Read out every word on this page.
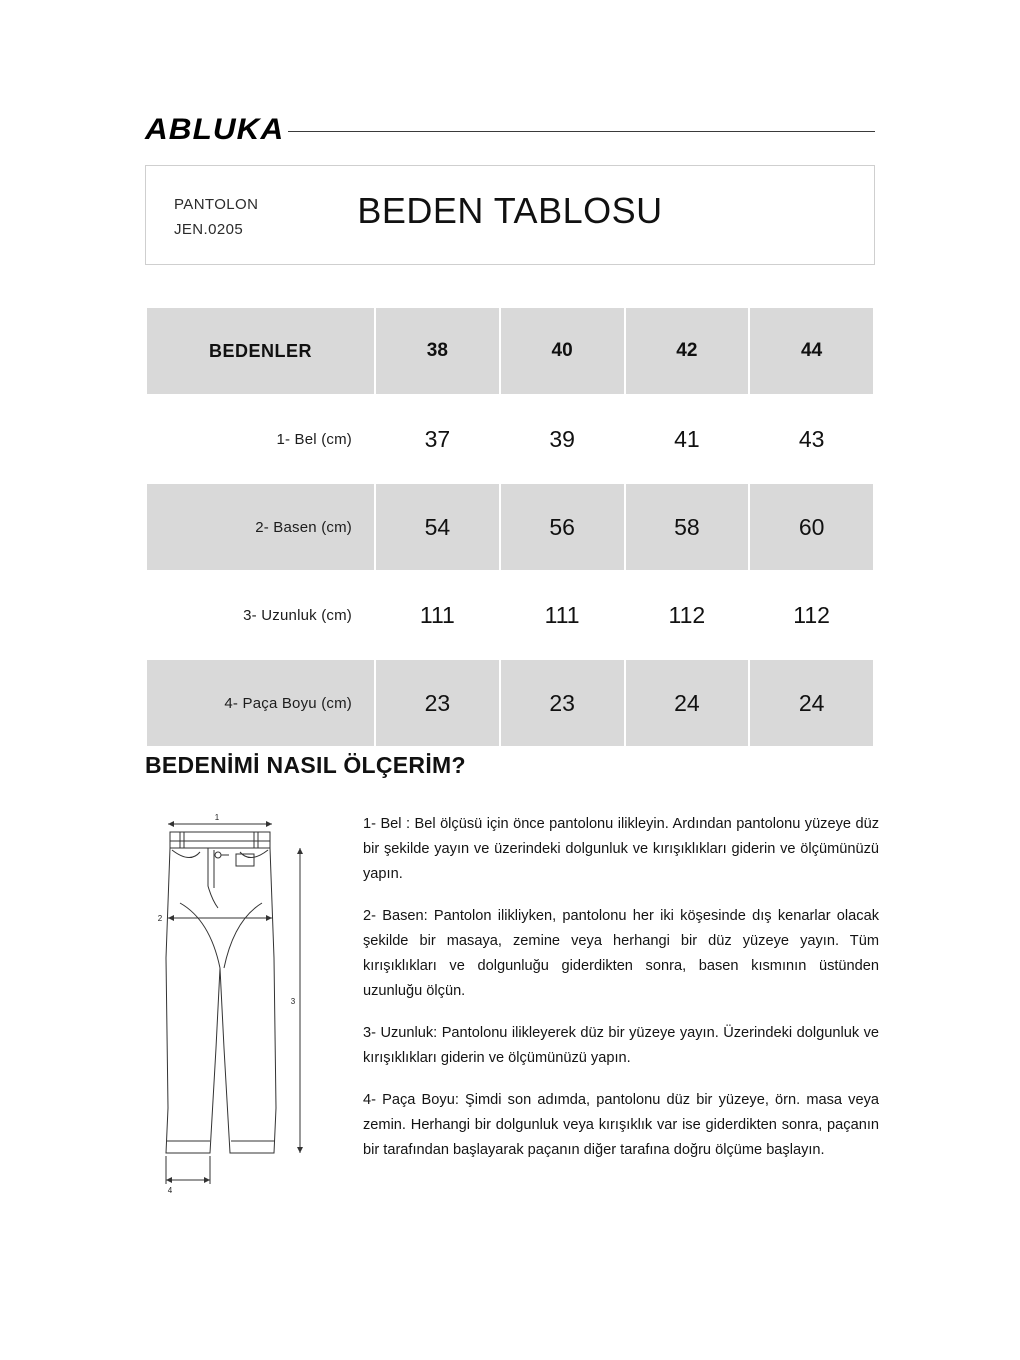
ABLUKA
PANTOLON
JEN.0205	BEDEN TABLOSU
BEDENLER	38	40	42	44
1- Bel (cm)	37	39	41	43
2- Basen (cm)	54	56	58	60
3- Uzunluk (cm)	111	111	112	112
4- Paça Boyu (cm)	23	23	24	24
BEDENİMİ NASIL ÖLÇERİM?
1
2
3
4

1- Bel : Bel ölçüsü için önce pantolonu ilikleyin. Ardından pantolonu yüzeye düz bir şekilde yayın ve üzerindeki dolgunluk ve kırışıklıkları giderin ve ölçümünüzü yapın.

2- Basen: Pantolon ilikliyken, pantolonu her iki köşesinde dış kenarlar olacak şekilde bir masaya, zemine veya herhangi bir düz yüzeye yayın. Tüm kırışıklıkları ve dolgunluğu giderdikten sonra, basen kısmının üstünden uzunluğu ölçün.

3- Uzunluk: Pantolonu ilikleyerek düz bir yüzeye yayın. Üzerindeki dolgunluk ve kırışıklıkları giderin ve ölçümünüzü yapın.

4- Paça Boyu: Şimdi son adımda, pantolonu düz bir yüzeye, örn. masa veya zemin. Herhangi bir dolgunluk veya kırışıklık var ise giderdikten sonra, paçanın bir tarafından başlayarak paçanın diğer tarafına doğru ölçüme başlayın.
